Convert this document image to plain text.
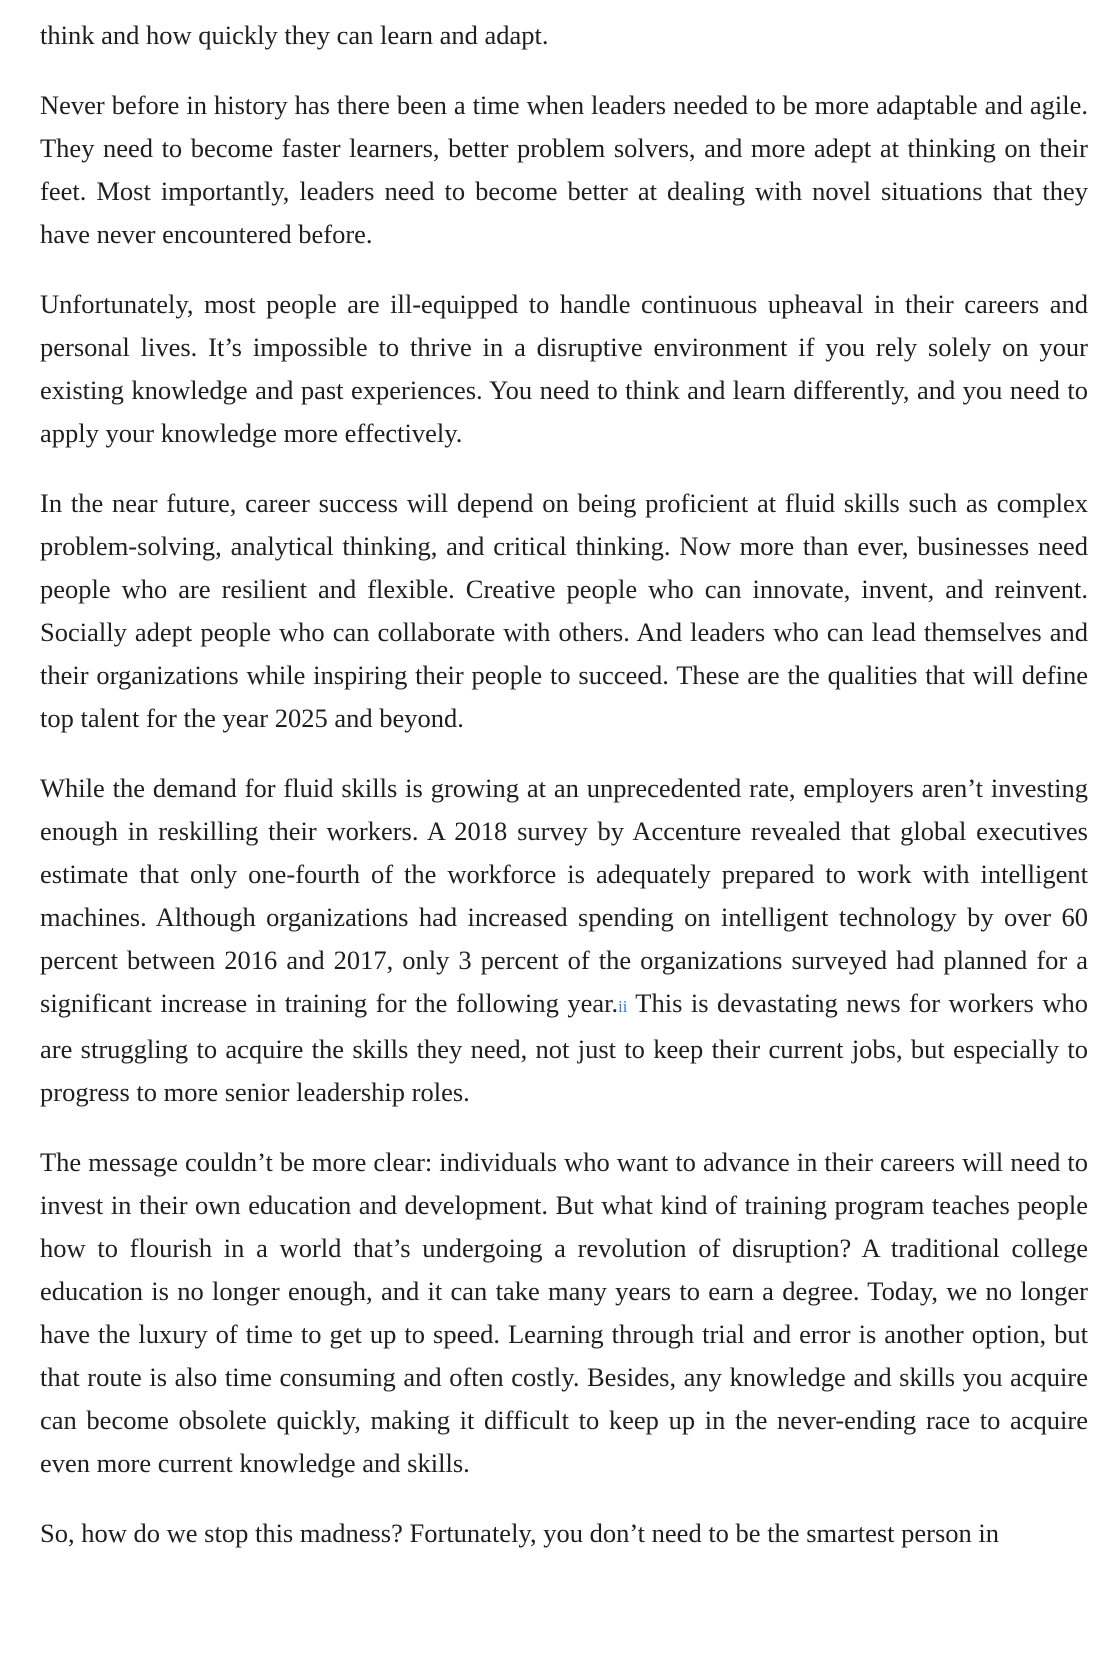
think and how quickly they can learn and adapt.

Never before in history has there been a time when leaders needed to be more adaptable and agile. They need to become faster learners, better problem solvers, and more adept at thinking on their feet. Most importantly, leaders need to become better at dealing with novel situations that they have never encountered before.

Unfortunately, most people are ill-equipped to handle continuous upheaval in their careers and personal lives. It’s impossible to thrive in a disruptive environment if you rely solely on your existing knowledge and past experiences. You need to think and learn differently, and you need to apply your knowledge more effectively.

In the near future, career success will depend on being proficient at fluid skills such as complex problem-solving, analytical thinking, and critical thinking. Now more than ever, businesses need people who are resilient and flexible. Creative people who can innovate, invent, and reinvent. Socially adept people who can collaborate with others. And leaders who can lead themselves and their organizations while inspiring their people to succeed. These are the qualities that will define top talent for the year 2025 and beyond.

While the demand for fluid skills is growing at an unprecedented rate, employers aren’t investing enough in reskilling their workers. A 2018 survey by Accenture revealed that global executives estimate that only one-fourth of the workforce is adequately prepared to work with intelligent machines. Although organizations had increased spending on intelligent technology by over 60 percent between 2016 and 2017, only 3 percent of the organizations surveyed had planned for a significant increase in training for the following year.ii This is devastating news for workers who are struggling to acquire the skills they need, not just to keep their current jobs, but especially to progress to more senior leadership roles.

The message couldn’t be more clear: individuals who want to advance in their careers will need to invest in their own education and development. But what kind of training program teaches people how to flourish in a world that’s undergoing a revolution of disruption? A traditional college education is no longer enough, and it can take many years to earn a degree. Today, we no longer have the luxury of time to get up to speed. Learning through trial and error is another option, but that route is also time consuming and often costly. Besides, any knowledge and skills you acquire can become obsolete quickly, making it difficult to keep up in the never-ending race to acquire even more current knowledge and skills.

So, how do we stop this madness? Fortunately, you don’t need to be the smartest person in
